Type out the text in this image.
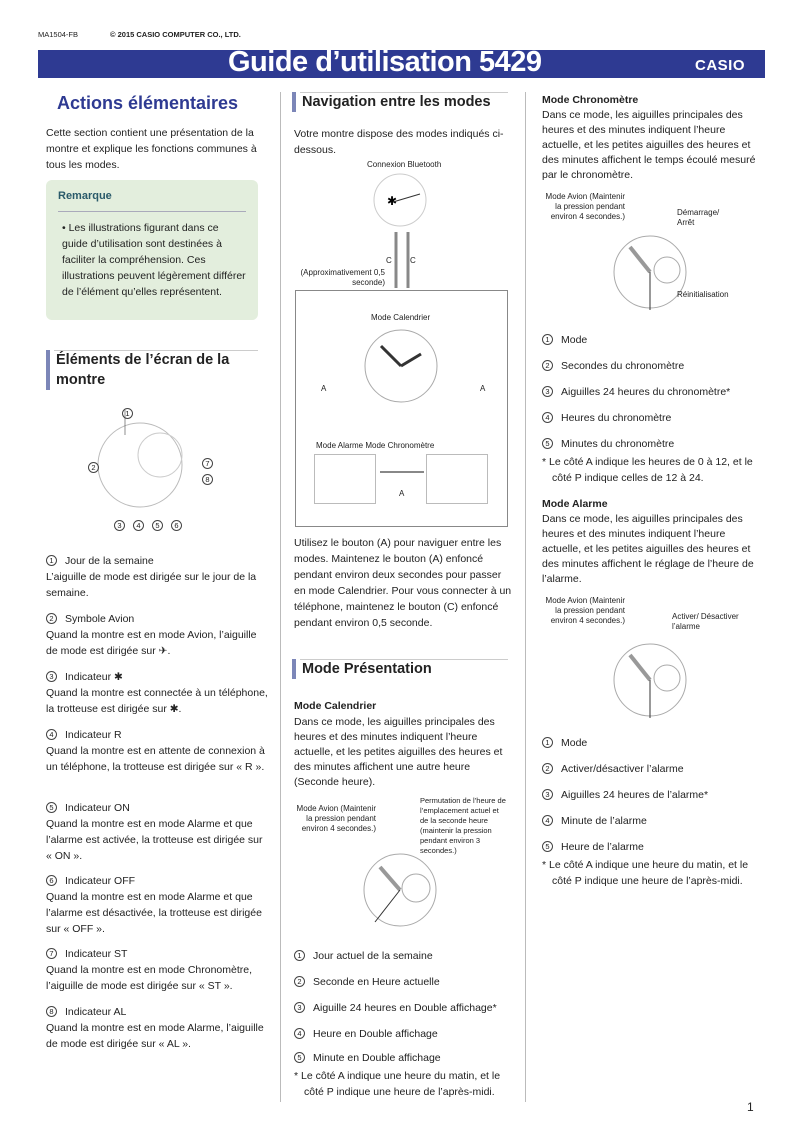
MA1504-FB	© 2015 CASIO COMPUTER CO., LTD.
Guide d’utilisation 5429	CASIO
Actions élémentaires
Cette section contient une présentation de la montre et explique les fonctions communes à tous les modes.
Remarque
• Les illustrations figurant dans ce guide d’utilisation sont destinées à faciliter la compréhension. Ces illustrations peuvent légèrement différer de l’élément qu’elles représentent.
Éléments de l’écran de la montre
1
2	7
8
3 4 5 6
1 Jour de la semaine
L’aiguille de mode est dirigée sur le jour de la semaine.
2 Symbole Avion
Quand la montre est en mode Avion, l’aiguille de mode est dirigée sur ✈.
3 Indicateur ✱
Quand la montre est connectée à un téléphone, la trotteuse est dirigée sur ✱.
4 Indicateur R
Quand la montre est en attente de connexion à un téléphone, la trotteuse est dirigée sur « R ».
5 Indicateur ON
Quand la montre est en mode Alarme et que l’alarme est activée, la trotteuse est dirigée sur « ON ».
6 Indicateur OFF
Quand la montre est en mode Alarme et que l’alarme est désactivée, la trotteuse est dirigée sur « OFF ».
7 Indicateur ST
Quand la montre est en mode Chronomètre, l’aiguille de mode est dirigée sur « ST ».
8 Indicateur AL
Quand la montre est en mode Alarme, l’aiguille de mode est dirigée sur « AL ».
Navigation entre les modes
Votre montre dispose des modes indiqués ci-dessous.
Connexion Bluetooth
✱
C C
(Approximativement 0,5 seconde)
Mode Calendrier
A	A
Mode Alarme Mode Chronomètre
A
Utilisez le bouton (A) pour naviguer entre les modes. Maintenez le bouton (A) enfoncé pendant environ deux secondes pour passer en mode Calendrier. Pour vous connecter à un téléphone, maintenez le bouton (C) enfoncé pendant environ 0,5 seconde.
Mode Présentation
Mode Calendrier
Dans ce mode, les aiguilles principales des heures et des minutes indiquent l’heure actuelle, et les petites aiguilles des heures et des minutes affichent une autre heure (Seconde heure).
Mode Avion (Maintenir la pression pendant environ 4 secondes.)
Permutation de l’heure de l’emplacement actuel et de la seconde heure (maintenir la pression pendant environ 3 secondes.)
1 Jour actuel de la semaine
2 Seconde en Heure actuelle
3 Aiguille 24 heures en Double affichage*
4 Heure en Double affichage
5 Minute en Double affichage
* Le côté A indique une heure du matin, et le côté P indique une heure de l’après-midi.
Mode Chronomètre
Dans ce mode, les aiguilles principales des heures et des minutes indiquent l’heure actuelle, et les petites aiguilles des heures et des minutes affichent le temps écoulé mesuré par le chronomètre.
Mode Avion (Maintenir la pression pendant environ 4 secondes.)	Démarrage/ Arrêt
Réinitialisation
1 Mode
2 Secondes du chronomètre
3 Aiguilles 24 heures du chronomètre*
4 Heures du chronomètre
5 Minutes du chronomètre
* Le côté A indique les heures de 0 à 12, et le côté P indique celles de 12 à 24.
Mode Alarme
Dans ce mode, les aiguilles principales des heures et des minutes indiquent l’heure actuelle, et les petites aiguilles des heures et des minutes affichent le réglage de l’heure de l’alarme.
Mode Avion (Maintenir la pression pendant environ 4 secondes.)	Activer/ Désactiver l’alarme
1 Mode
2 Activer/désactiver l’alarme
3 Aiguilles 24 heures de l’alarme*
4 Minute de l’alarme
5 Heure de l’alarme
* Le côté A indique une heure du matin, et le côté P indique une heure de l’après-midi.
1
